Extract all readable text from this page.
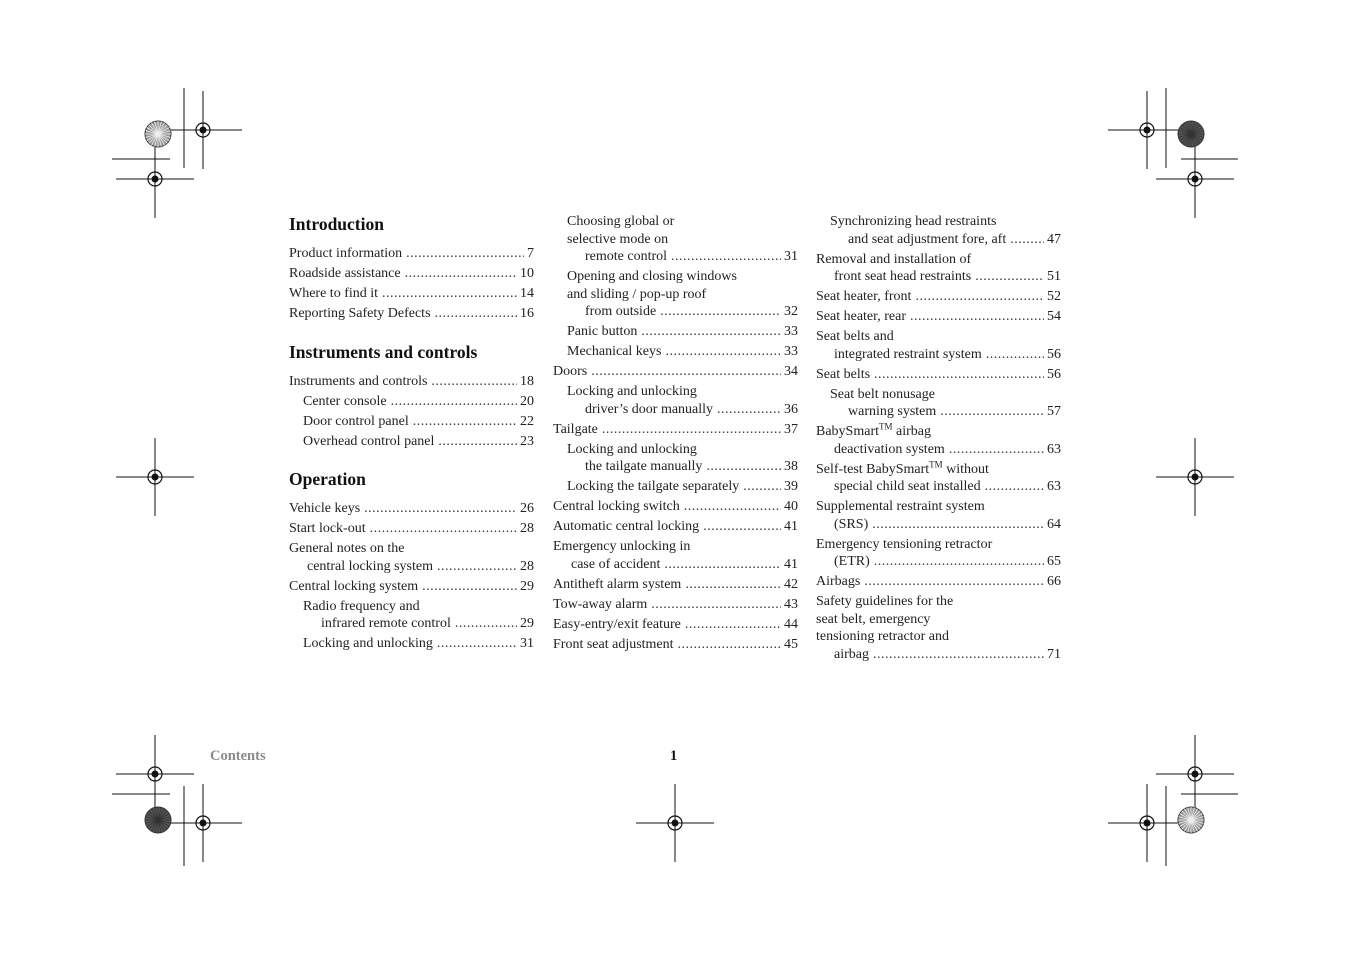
Introduction
Product information .....	7
Roadside assistance .....	10
Where to find it .....	14
Reporting Safety Defects .....	16
Instruments and controls
Instruments and controls .....	18
Center console .....	20
Door control panel .....	22
Overhead control panel .....	23
Operation
Vehicle keys .....	26
Start lock-out .....	28
General notes on the
central locking system .....	28
Central locking system .....	29
Radio frequency and
infrared remote control .....	29
Locking and unlocking .....	31
Choosing global or
selective mode on
remote control .....	31
Opening and closing windows
and sliding / pop-up roof
from outside .....	32
Panic button .....	33
Mechanical keys .....	33
Doors .....	34
Locking and unlocking
driver’s door manually .....	36
Tailgate .....	37
Locking and unlocking
the tailgate manually .....	38
Locking the tailgate separately .....	39
Central locking switch .....	40
Automatic central locking .....	41
Emergency unlocking in
case of accident .....	41
Antitheft alarm system .....	42
Tow-away alarm .....	43
Easy-entry/exit feature .....	44
Front seat adjustment .....	45
Synchronizing head restraints
and seat adjustment fore, aft .....	47
Removal and installation of
front seat head restraints .....	51
Seat heater, front .....	52
Seat heater, rear .....	54
Seat belts and
integrated restraint system .....	56
Seat belts .....	56
Seat belt nonusage
warning system .....	57
BabySmart™ airbag
deactivation system .....	63
Self-test BabySmart™ without
special child seat installed .....	63
Supplemental restraint system
(SRS) .....	64
Emergency tensioning retractor
(ETR) .....	65
Airbags .....	66
Safety guidelines for the
seat belt, emergency
tensioning retractor and
airbag .....	71
Contents	1
